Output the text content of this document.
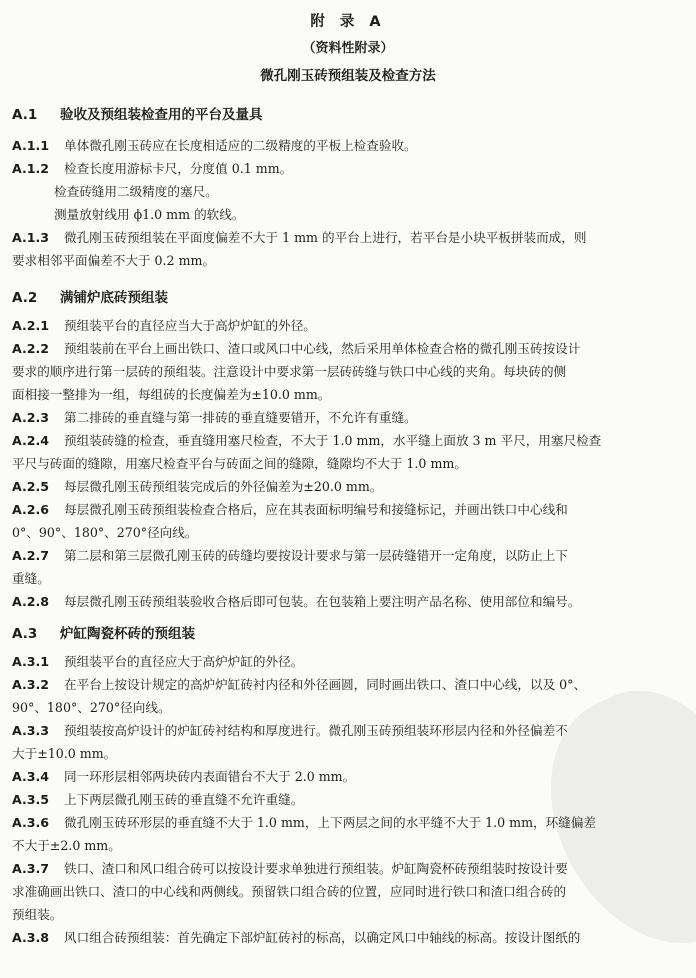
附 录 A
（资料性附录）
微孔刚玉砖预组装及检查方法
A.1 验收及预组装检查用的平台及量具

A.1.1 单体微孔刚玉砖应在长度相适应的二级精度的平板上检查验收。

A.1.2 检查长度用游标卡尺，分度值 0.1 mm。

检查砖缝用二级精度的塞尺。

测量放射线用 ϕ1.0 mm 的软线。

A.1.3 微孔刚玉砖预组装在平面度偏差不大于 1 mm 的平台上进行，若平台是小块平板拼装而成，则

要求相邻平面偏差不大于 0.2 mm。

A.2 满铺炉底砖预组装

A.2.1 预组装平台的直径应当大于高炉炉缸的外径。

A.2.2 预组装前在平台上画出铁口、渣口或风口中心线，然后采用单体检查合格的微孔刚玉砖按设计

要求的顺序进行第一层砖的预组装。注意设计中要求第一层砖砖缝与铁口中心线的夹角。每块砖的侧

面相接一整排为一组，每组砖的长度偏差为±10.0 mm。

A.2.3 第二排砖的垂直缝与第一排砖的垂直缝要错开，不允许有重缝。

A.2.4 预组装砖缝的检查，垂直缝用塞尺检查，不大于 1.0 mm，水平缝上面放 3 m 平尺，用塞尺检查

平尺与砖面的缝隙，用塞尺检查平台与砖面之间的缝隙，缝隙均不大于 1.0 mm。

A.2.5 每层微孔刚玉砖预组装完成后的外径偏差为±20.0 mm。

A.2.6 每层微孔刚玉砖预组装检查合格后，应在其表面标明编号和接缝标记，并画出铁口中心线和

0°、90°、180°、270°径向线。

A.2.7 第二层和第三层微孔刚玉砖的砖缝均要按设计要求与第一层砖缝错开一定角度，以防止上下

重缝。

A.2.8 每层微孔刚玉砖预组装验收合格后即可包装。在包装箱上要注明产品名称、使用部位和编号。

A.3 炉缸陶瓷杯砖的预组装

A.3.1 预组装平台的直径应大于高炉炉缸的外径。

A.3.2 在平台上按设计规定的高炉炉缸砖衬内径和外径画圆，同时画出铁口、渣口中心线，以及 0°、

90°、180°、270°径向线。

A.3.3 预组装按高炉设计的炉缸砖衬结构和厚度进行。微孔刚玉砖预组装环形层内径和外径偏差不

大于±10.0 mm。

A.3.4 同一环形层相邻两块砖内表面错台不大于 2.0 mm。

A.3.5 上下两层微孔刚玉砖的垂直缝不允许重缝。

A.3.6 微孔刚玉砖环形层的垂直缝不大于 1.0 mm，上下两层之间的水平缝不大于 1.0 mm，环缝偏差

不大于±2.0 mm。

A.3.7 铁口、渣口和风口组合砖可以按设计要求单独进行预组装。炉缸陶瓷杯砖预组装时按设计要

求准确画出铁口、渣口的中心线和两侧线。预留铁口组合砖的位置，应同时进行铁口和渣口组合砖的

预组装。

A.3.8 风口组合砖预组装：首先确定下部炉缸砖衬的标高，以确定风口中轴线的标高。按设计图纸的
